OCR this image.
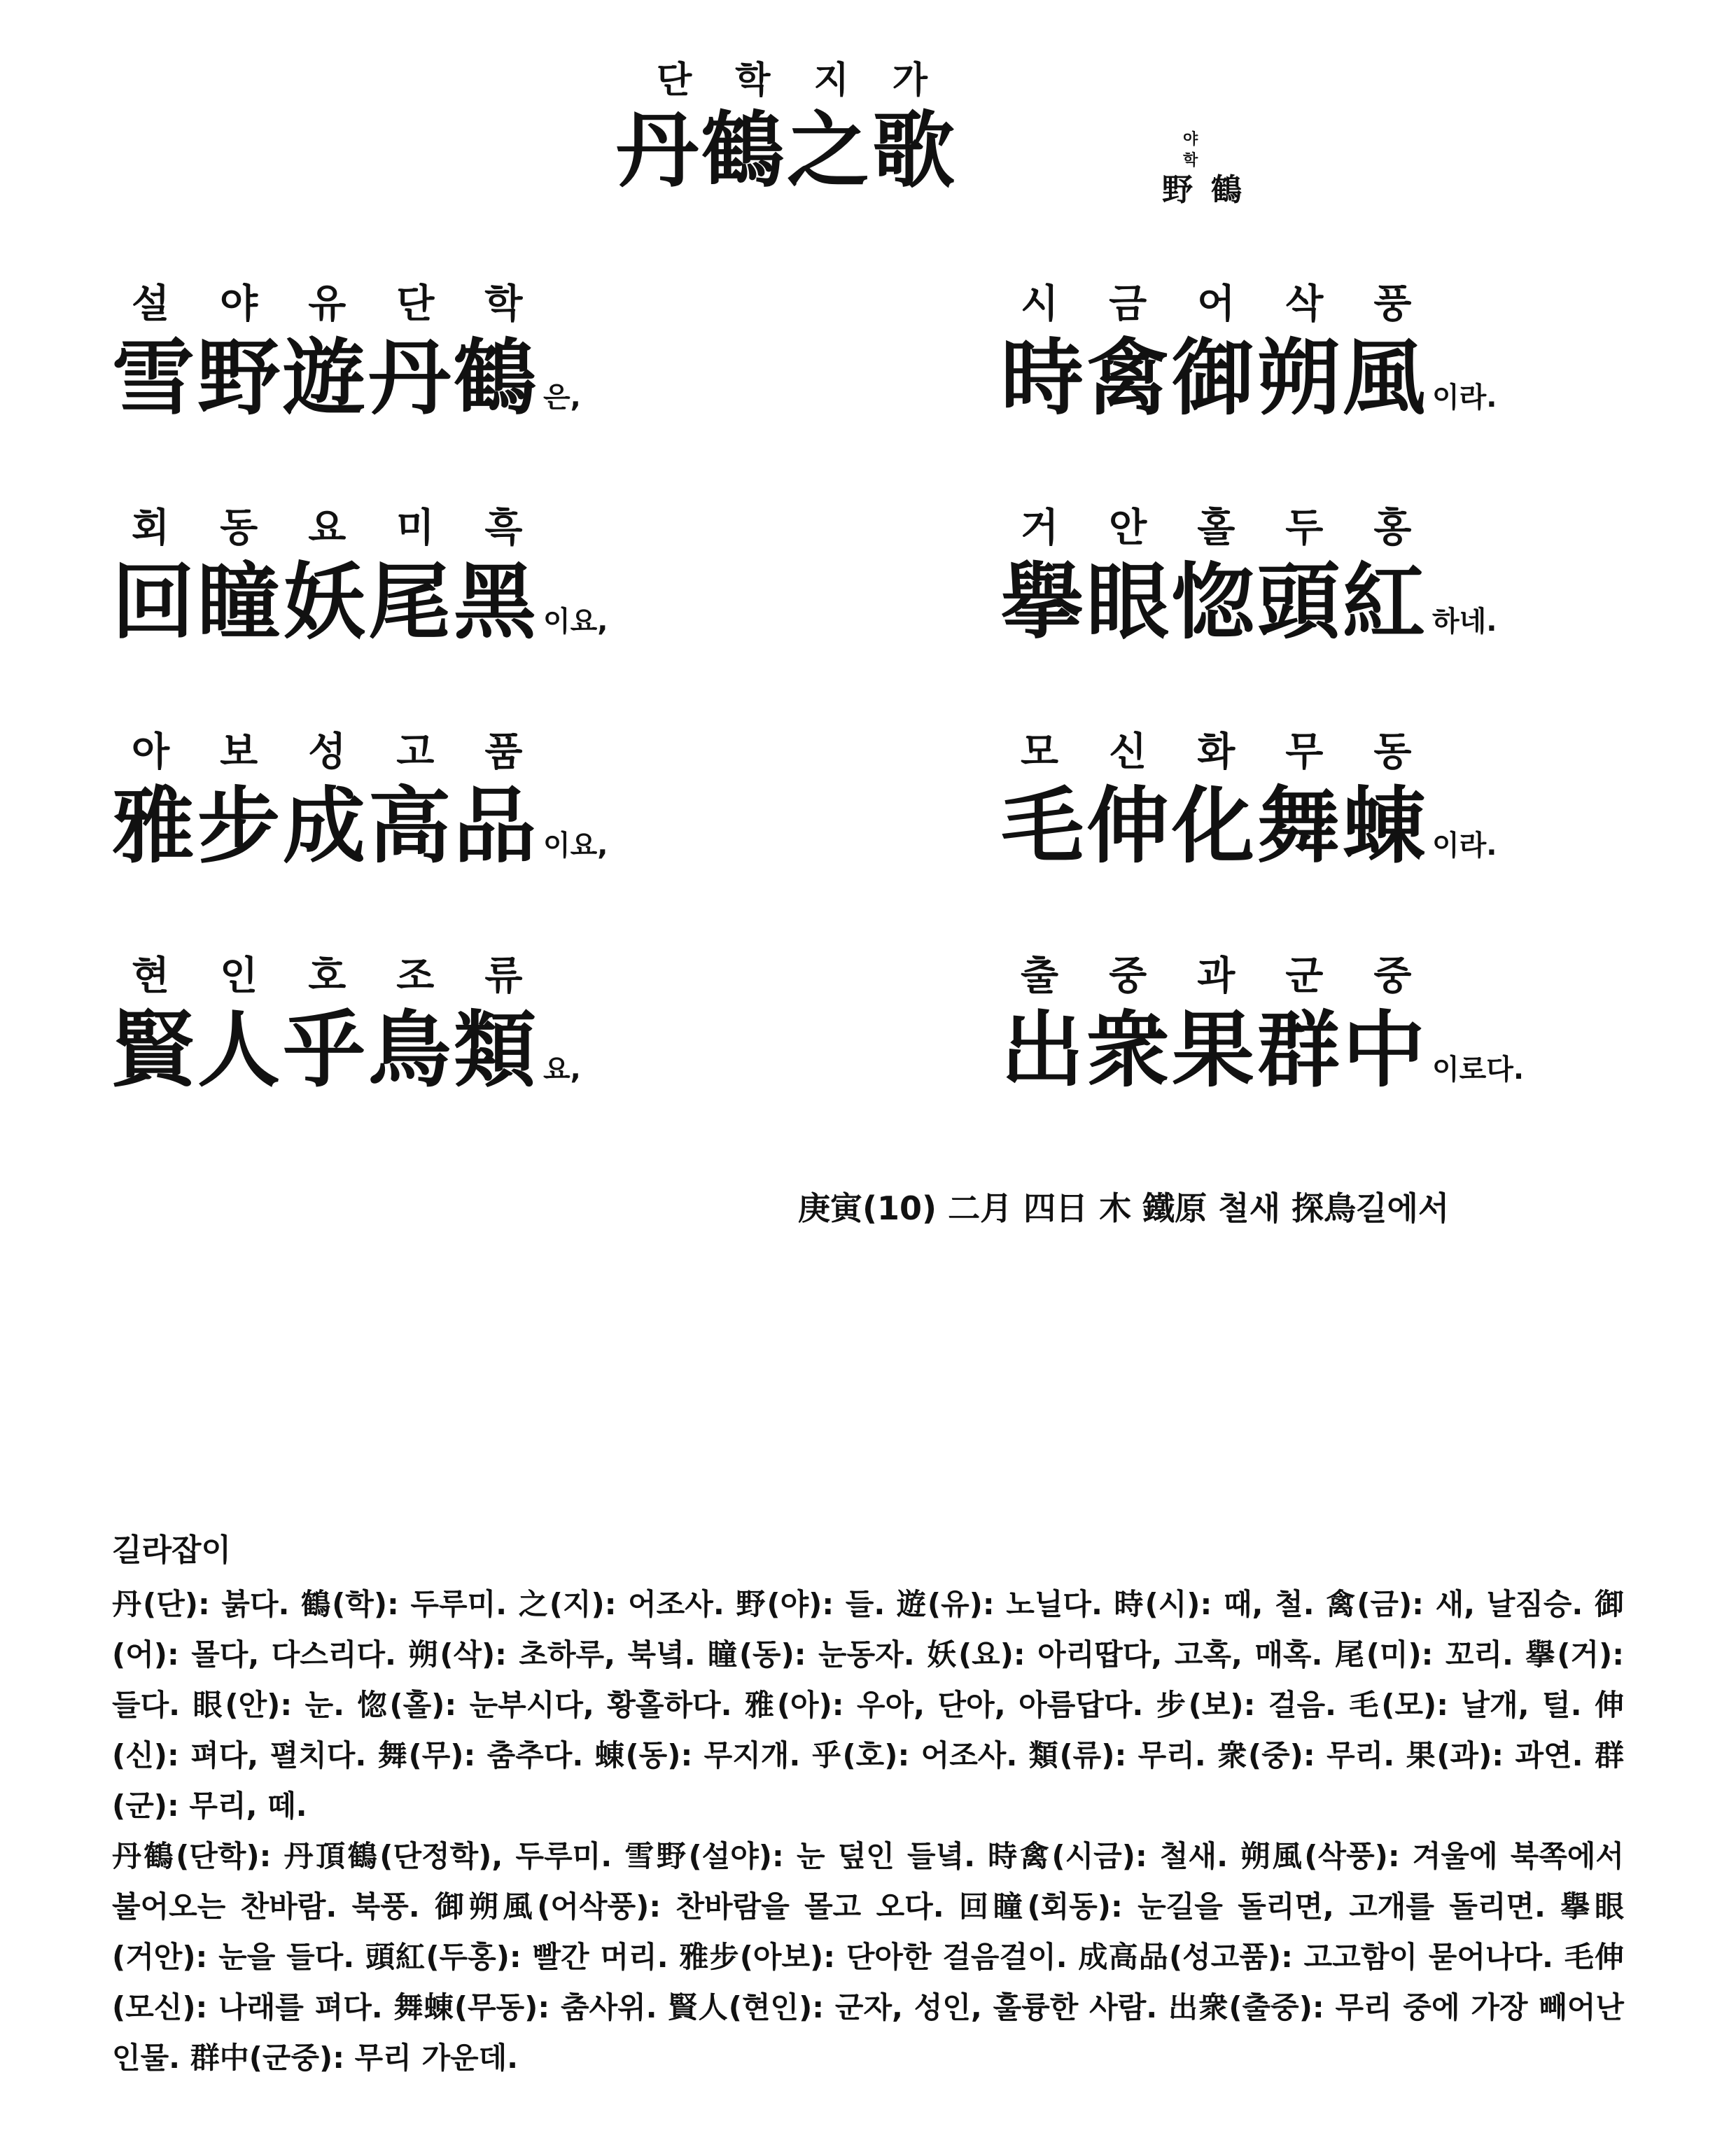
단학지가
丹鶴之歌	야 학
野鶴
설야유단학
雪野遊丹鶴 은,
회동요미흑
回瞳妖尾黑 이요,
아보성고품
雅步成高品 이요,
현인호조류
賢人乎鳥類 요,
시금어삭풍
時禽御朔風 이라.
거안홀두홍
擧眼惚頭紅 하네.
모신화무동
毛伸化舞蝀 이라.
출중과군중
出衆果群中 이로다.
庚寅(10) 二月 四日 木 鐵原 철새 探鳥길에서
길라잡이

丹(단): 붉다. 鶴(학): 두루미. 之(지): 어조사. 野(야): 들. 遊(유): 노닐다. 時(시): 때, 철. 禽(금): 새, 날짐승. 御(어): 몰다, 다스리다. 朔(삭): 초하루, 북녘. 瞳(동): 눈동자. 妖(요): 아리땁다, 고혹, 매혹. 尾(미): 꼬리. 擧(거): 들다. 眼(안): 눈. 惚(홀): 눈부시다, 황홀하다. 雅(아): 우아, 단아, 아름답다. 步(보): 걸음. 毛(모): 날개, 털. 伸(신): 펴다, 펼치다. 舞(무): 춤추다. 蝀(동): 무지개. 乎(호): 어조사. 類(류): 무리. 衆(중): 무리. 果(과): 과연. 群(군): 무리, 떼.

丹鶴(단학): 丹頂鶴(단정학), 두루미. 雪野(설야): 눈 덮인 들녘. 時禽(시금): 철새. 朔風(삭풍): 겨울에 북쪽에서 불어오는 찬바람. 북풍. 御朔風(어삭풍): 찬바람을 몰고 오다. 回瞳(회동): 눈길을 돌리면, 고개를 돌리면. 擧眼(거안): 눈을 들다. 頭紅(두홍): 빨간 머리. 雅步(아보): 단아한 걸음걸이. 成高品(성고품): 고고함이 묻어나다. 毛伸(모신): 나래를 펴다. 舞蝀(무동): 춤사위. 賢人(현인): 군자, 성인, 훌륭한 사람. 出衆(출중): 무리 중에 가장 빼어난 인물. 群中(군중): 무리 가운데.
